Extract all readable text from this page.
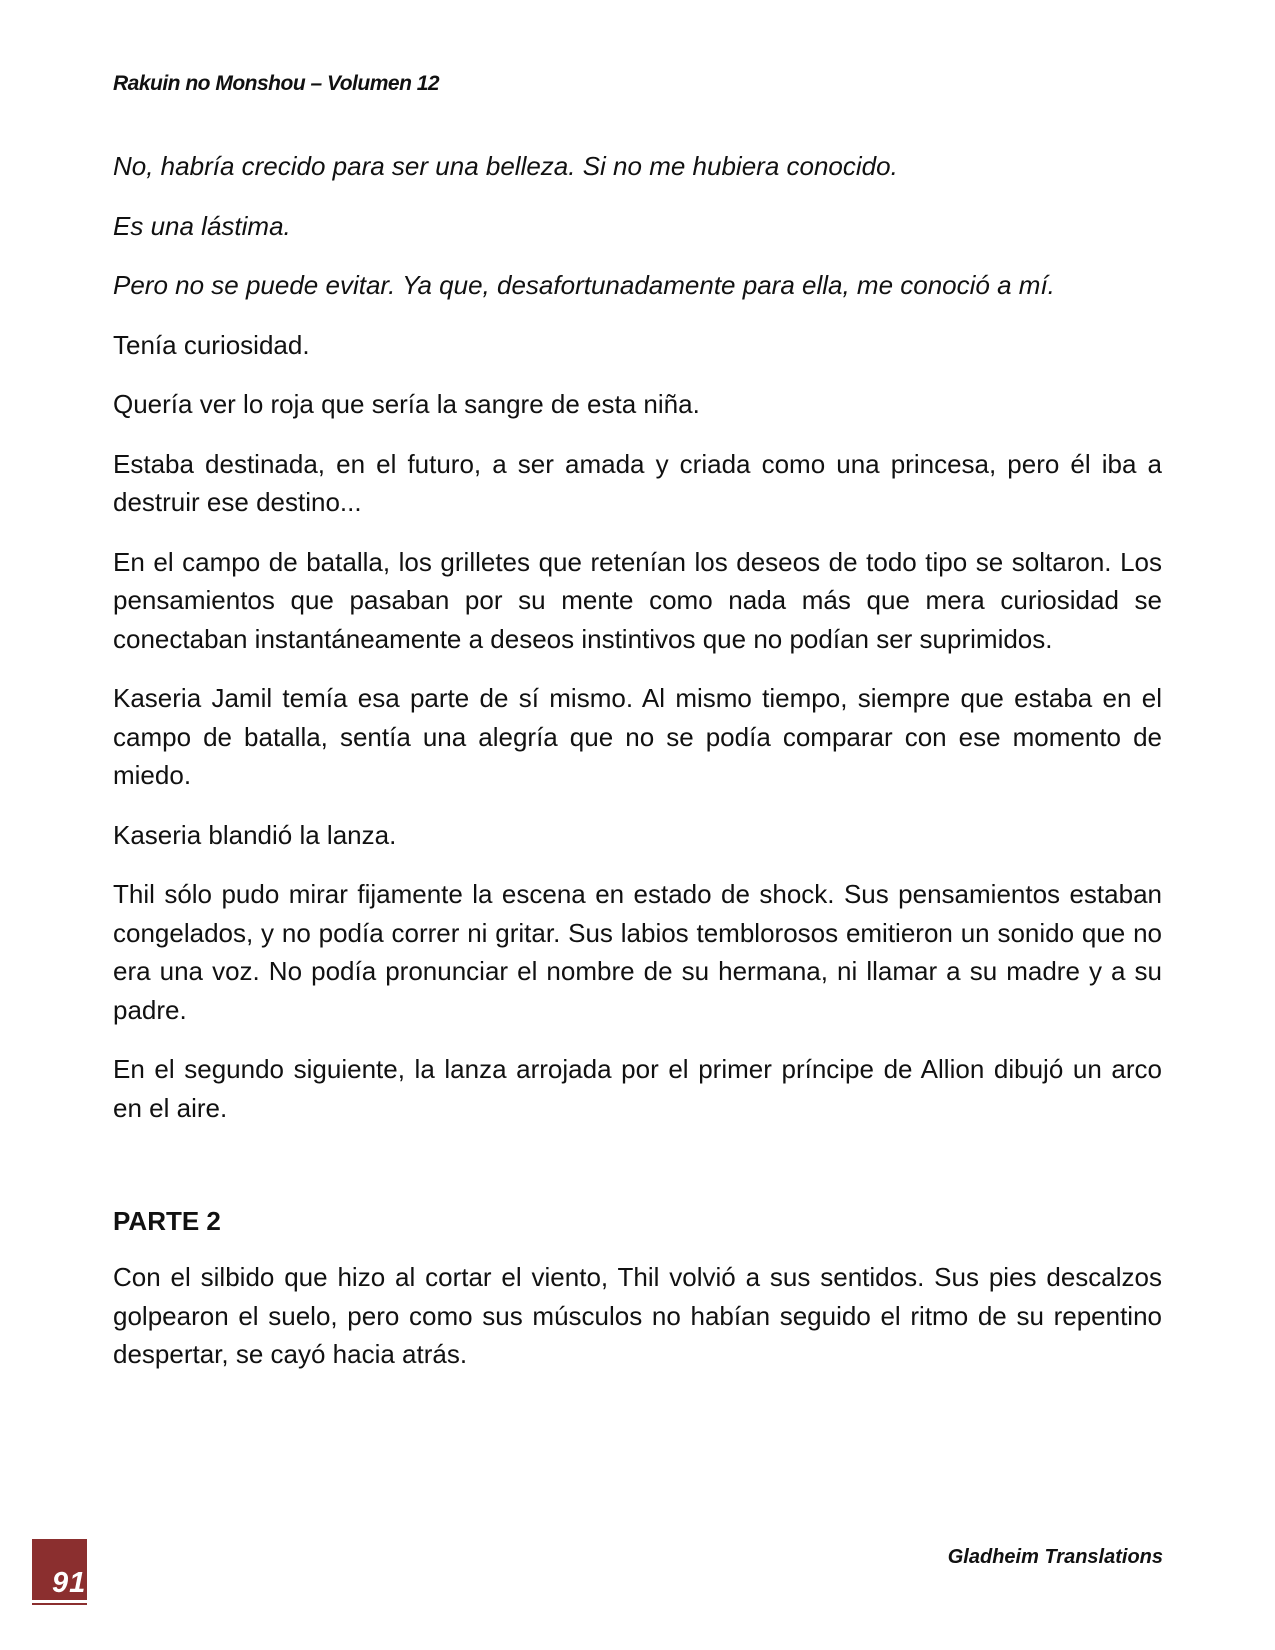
Rakuin no Monshou – Volumen 12

No, habría crecido para ser una belleza. Si no me hubiera conocido.

Es una lástima.

Pero no se puede evitar. Ya que, desafortunadamente para ella, me conoció a mí.

Tenía curiosidad.

Quería ver lo roja que sería la sangre de esta niña.

Estaba destinada, en el futuro, a ser amada y criada como una princesa, pero él iba a destruir ese destino...

En el campo de batalla, los grilletes que retenían los deseos de todo tipo se soltaron. Los pensamientos que pasaban por su mente como nada más que mera curiosidad se conectaban instantáneamente a deseos instintivos que no podían ser suprimidos.

Kaseria Jamil temía esa parte de sí mismo. Al mismo tiempo, siempre que estaba en el campo de batalla, sentía una alegría que no se podía comparar con ese momento de miedo.

Kaseria blandió la lanza.

Thil sólo pudo mirar fijamente la escena en estado de shock. Sus pensamientos estaban congelados, y no podía correr ni gritar. Sus labios temblorosos emitieron un sonido que no era una voz. No podía pronunciar el nombre de su hermana, ni llamar a su madre y a su padre.

En el segundo siguiente, la lanza arrojada por el primer príncipe de Allion dibujó un arco en el aire.

PARTE 2

Con el silbido que hizo al cortar el viento, Thil volvió a sus sentidos. Sus pies descalzos golpearon el suelo, pero como sus músculos no habían seguido el ritmo de su repentino despertar, se cayó hacia atrás.

91
Gladheim Translations
